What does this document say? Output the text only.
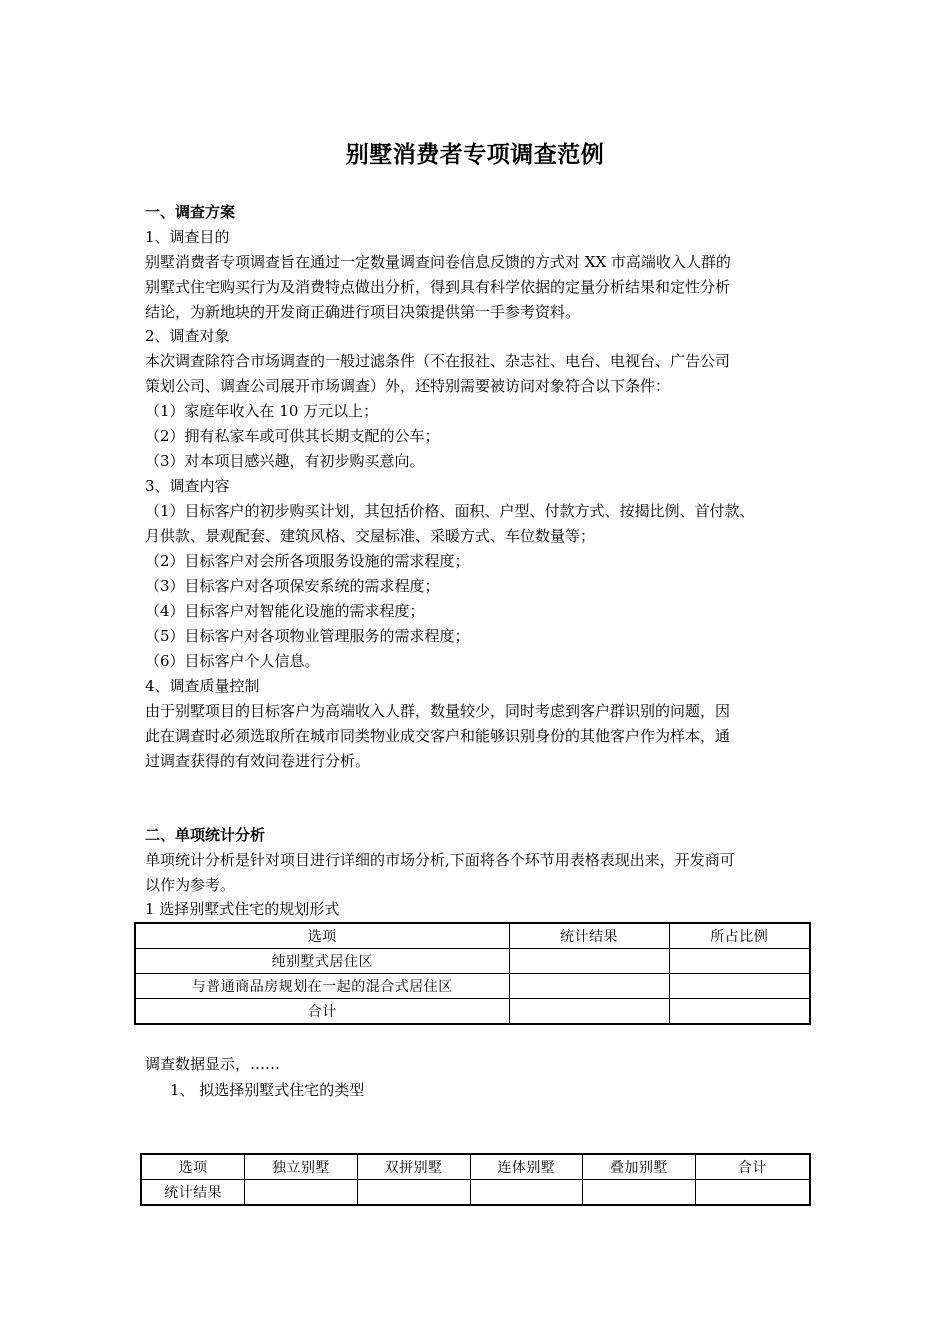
别墅消费者专项调查范例
一、调查方案
1、调查目的
别墅消费者专项调查旨在通过一定数量调查问卷信息反馈的方式对 XX 市高端收入人群的
别墅式住宅购买行为及消费特点做出分析，得到具有科学依据的定量分析结果和定性分析
结论，为新地块的开发商正确进行项目决策提供第一手参考资料。
2、调查对象
本次调查除符合市场调查的一般过滤条件（不在报社、杂志社、电台、电视台、广告公司
策划公司、调查公司展开市场调查）外，还特别需要被访问对象符合以下条件：
（1）家庭年收入在 10 万元以上；
（2）拥有私家车或可供其长期支配的公车；
（3）对本项目感兴趣，有初步购买意向。
3、调查内容
（1）目标客户的初步购买计划，其包括价格、面积、户型、付款方式、按揭比例、首付款、
月供款、景观配套、建筑风格、交屋标准、采暖方式、车位数量等；
（2）目标客户对会所各项服务设施的需求程度；
（3）目标客户对各项保安系统的需求程度；
（4）目标客户对智能化设施的需求程度；
（5）目标客户对各项物业管理服务的需求程度；
（6）目标客户个人信息。
4、调查质量控制
由于别墅项目的目标客户为高端收入人群，数量较少，同时考虑到客户群识别的问题，因
此在调查时必须选取所在城市同类物业成交客户和能够识别身份的其他客户作为样本，通
过调查获得的有效问卷进行分析。
二、单项统计分析
单项统计分析是针对项目进行详细的市场分析,下面将各个环节用表格表现出来，开发商可
以作为参考。
1 选择别墅式住宅的规划形式
选项	统计结果	所占比例
纯别墅式居住区		
与普通商品房规划在一起的混合式居住区		
合计		
调查数据显示，……
1、 拟选择别墅式住宅的类型
选项	独立别墅	双拼别墅	连体别墅	叠加别墅	合计
统计结果					
